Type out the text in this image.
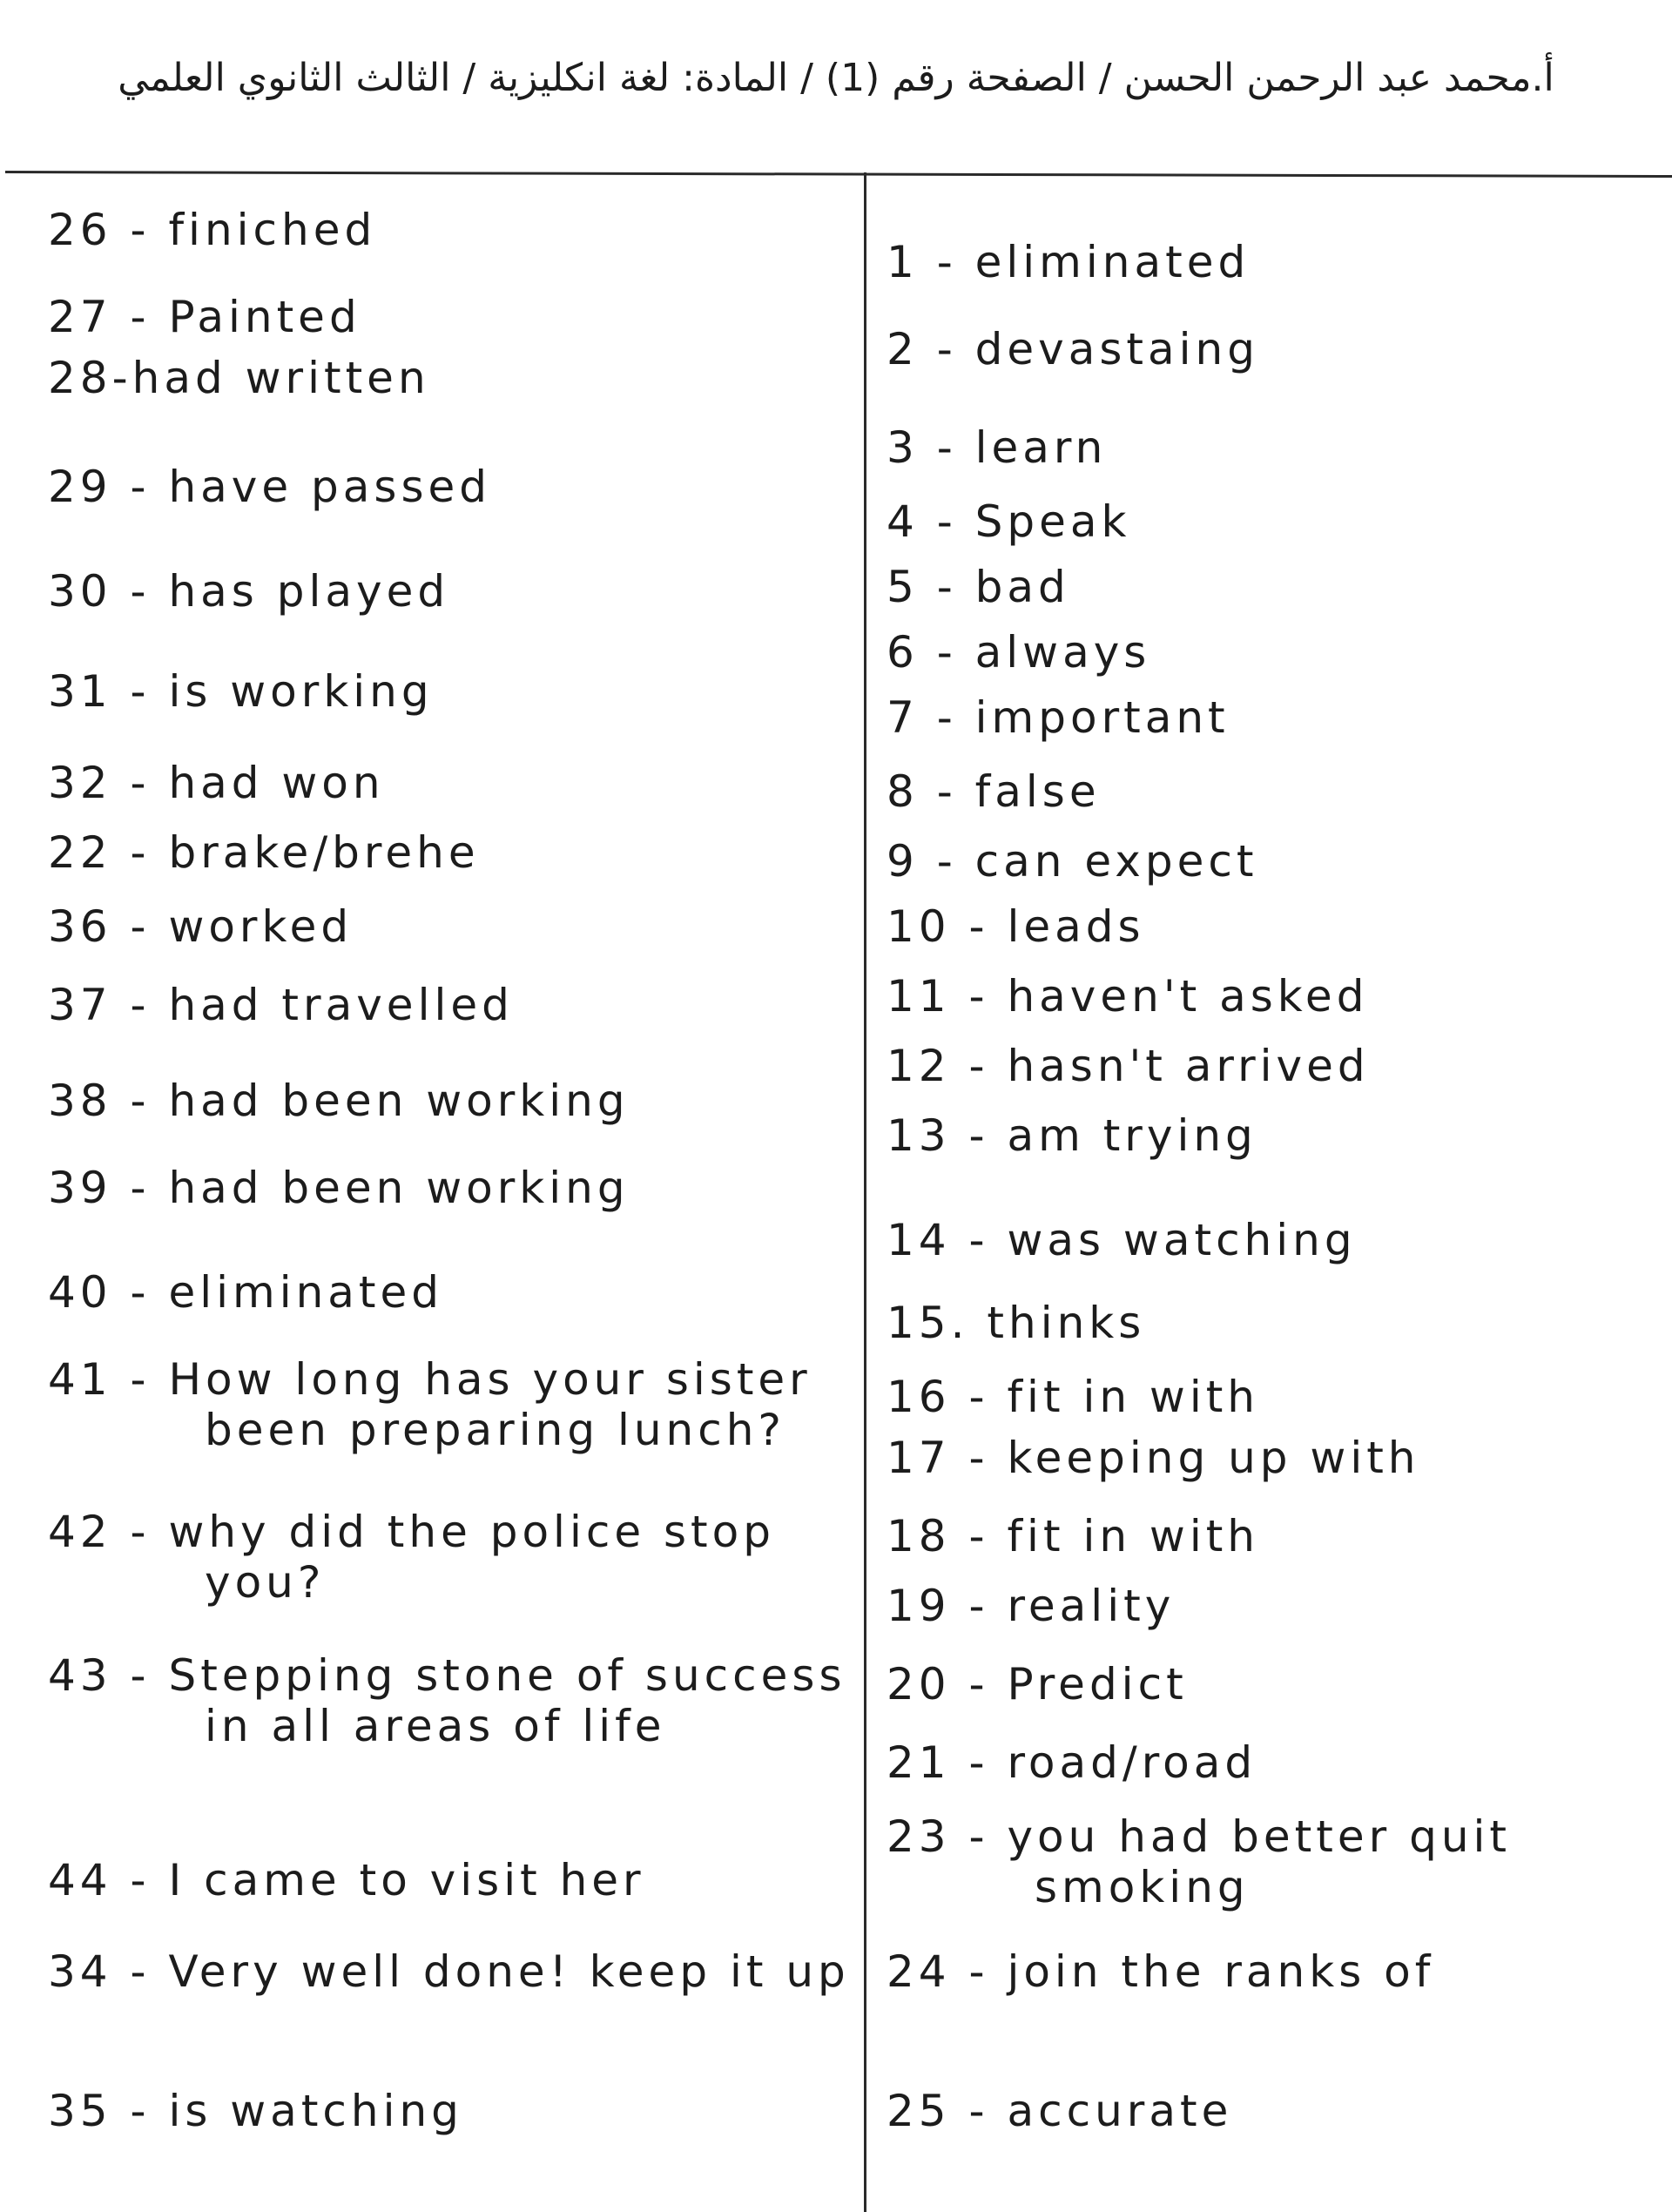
أ.محمد عبد الرحمن الحسن / الصفحة رقم (1) / المادة: لغة انكليزية / الثالث الثانوي العلمي
26 - finiched
27 - Painted
28-had written
29 - have passed
30 - has played
31 - is working
32 - had won
22 - brake/brehe
36 - worked
37 - had travelled
38 - had been working
39 - had been working
40 - eliminated
41 - How long has your sister
been preparing lunch?
42 - why did the police stop
you?
43 - Stepping stone of success
in all areas of life
44 - I came to visit her
34 - Very well done! keep it up
35 - is watching
1 - eliminated
2 - devastaing
3 - learn
4 - Speak
5 - bad
6 - always
7 - important
8 - false
9 - can expect
10 - leads
11 - haven't asked
12 - hasn't arrived
13 - am trying
14 - was watching
15. thinks
16 - fit in with
17 - keeping up with
18 - fit in with
19 - reality
20 - Predict
21 - road/road
23 - you had better quit
smoking
24 - join the ranks of
25 - accurate
